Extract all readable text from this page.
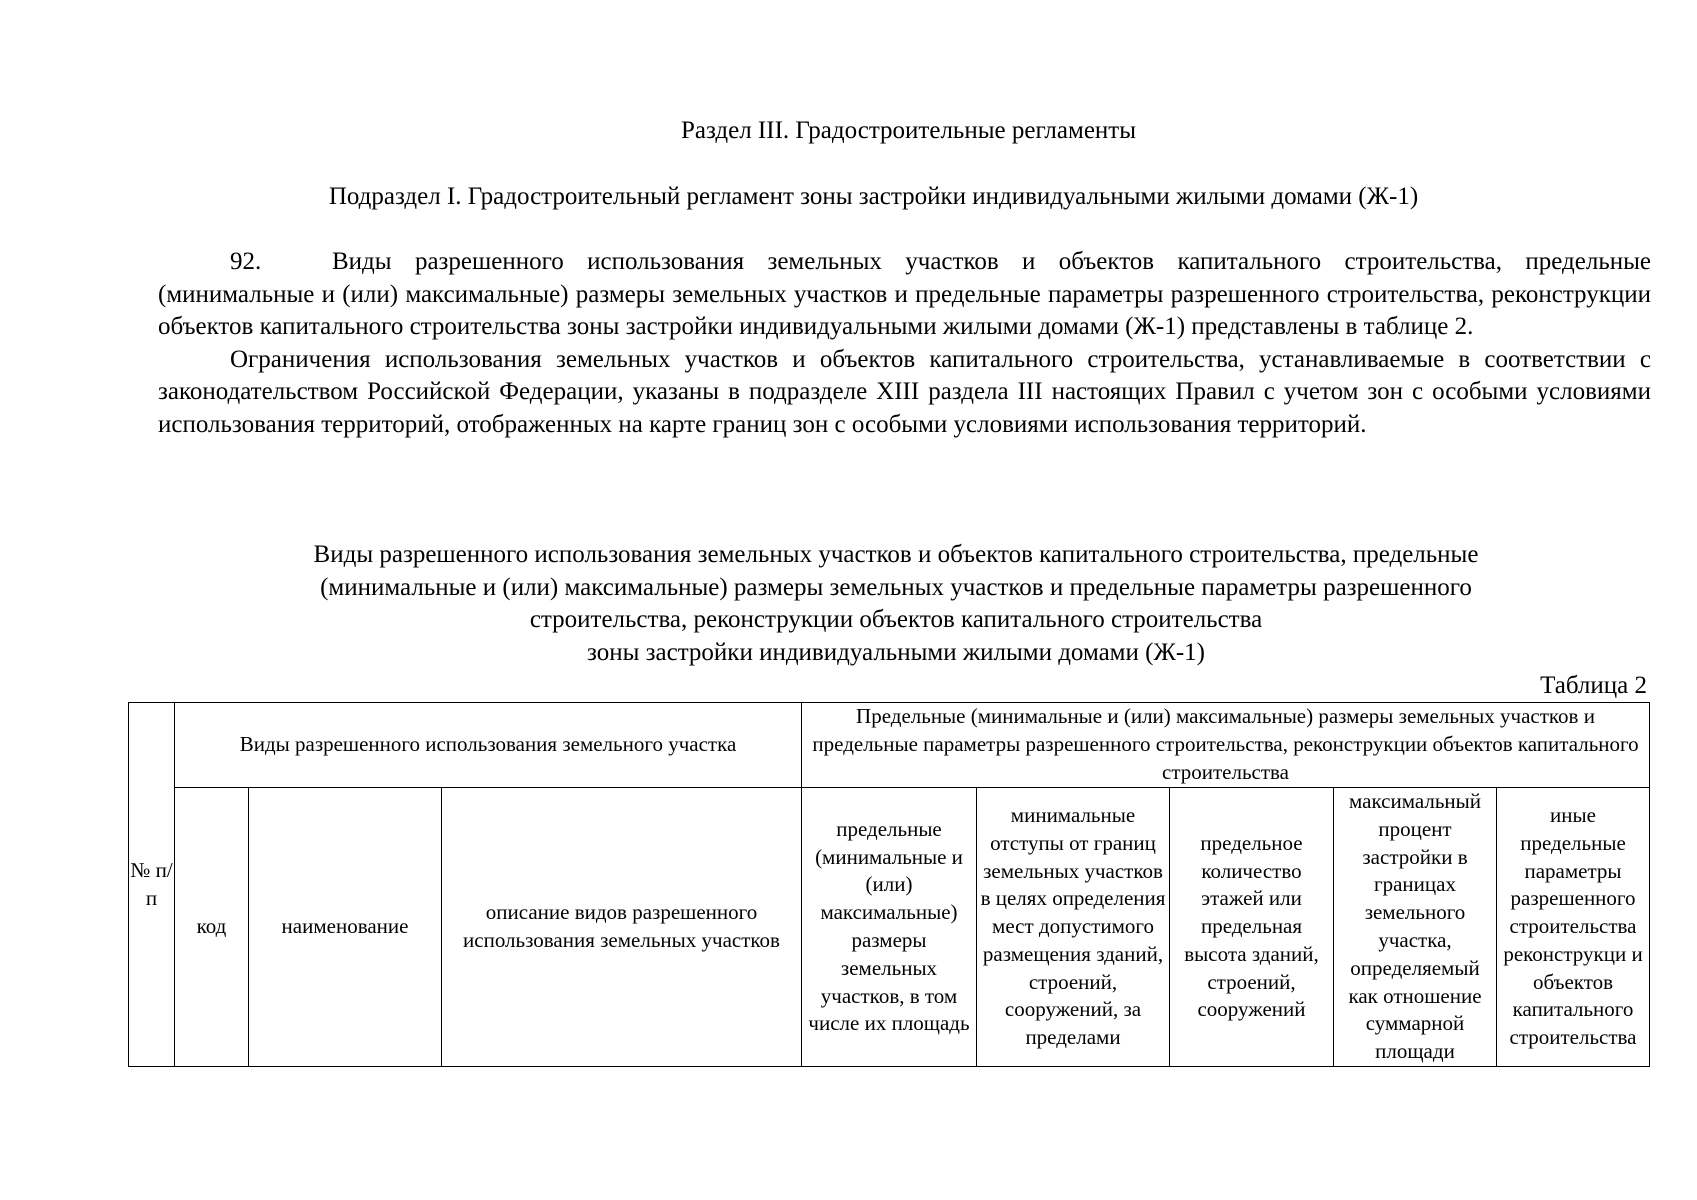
Раздел III. Градостроительные регламенты
Подраздел I. Градостроительный регламент зоны застройки индивидуальными жилыми домами (Ж-1)

92.	Виды разрешенного использования земельных участков и объектов капитального строительства, предельные (минимальные и (или) максимальные) размеры земельных участков и предельные параметры разрешенного строительства, реконструкции объектов капитального строительства зоны застройки индивидуальными жилыми домами (Ж-1) представлены в таблице 2.

Ограничения использования земельных участков и объектов капитального строительства, устанавливаемые в соответствии с законодательством Российской Федерации, указаны в подразделе XIII раздела III настоящих Правил с учетом зон с особыми условиями использования территорий, отображенных на карте границ зон с особыми условиями использования территорий.

Виды разрешенного использования земельных участков и объектов капитального строительства, предельные
(минимальные и (или) максимальные) размеры земельных участков и предельные параметры разрешенного
строительства, реконструкции объектов капитального строительства
зоны застройки индивидуальными жилыми домами (Ж-1)
Таблица 2
№ п/п	Виды разрешенного использования земельного участка			Предельные (минимальные и (или) максимальные) размеры земельных участков и предельные параметры разрешенного строительства, реконструкции объектов капитального строительства				
	код	наименование	описание видов разрешенного использования земельных участков	предельные (минимальные и (или) максимальные) размеры земельных участков, в том числе их площадь	минимальные отступы от границ земельных участков в целях определения мест допустимого размещения зданий, строений, сооружений, за пределами	предельное количество этажей или предельная высота зданий, строений, сооружений	максимальный процент застройки в границах земельного участка, определяемый как отношение суммарной площади	иные предельные параметры разрешенного строительства реконструкци и объектов капитального строительства
